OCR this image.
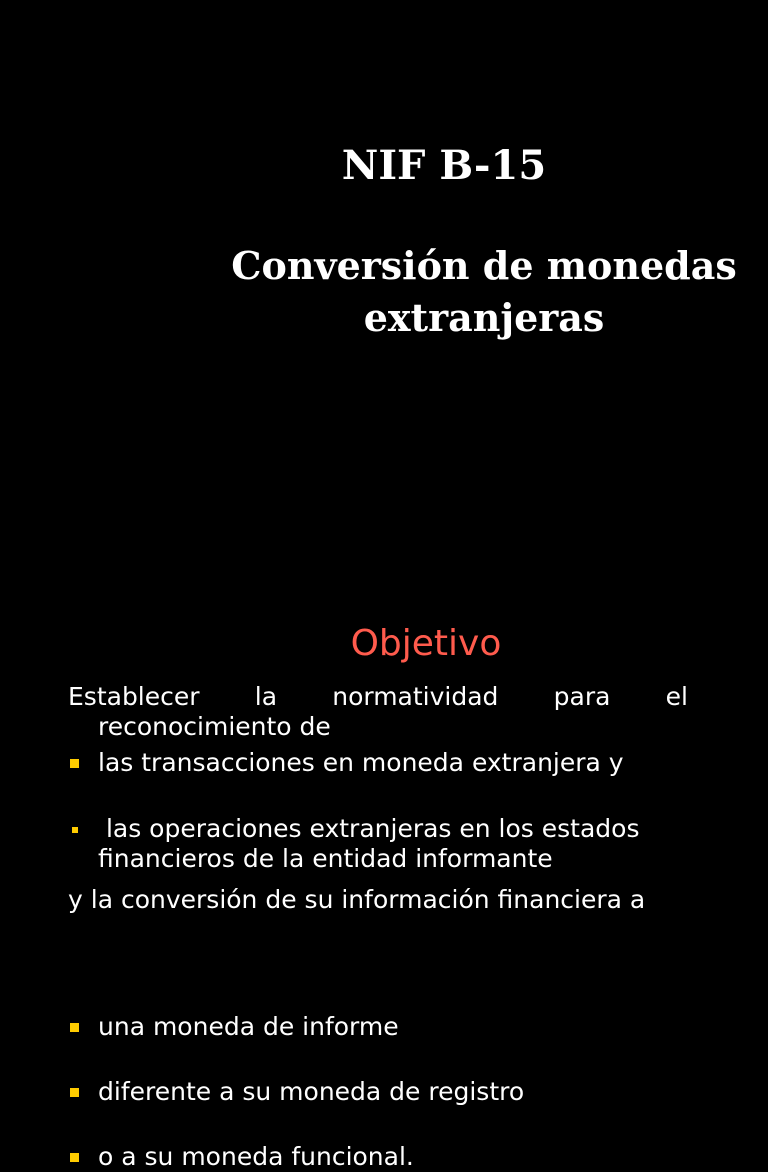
NIF B-15
Conversión de monedas
extranjeras
Objetivo
Establecer la normatividad para el
reconocimiento de
las transacciones en moneda extranjera y
las operaciones extranjeras en los estados
financieros de la entidad informante
y la conversión de su información financiera a
una moneda de informe
diferente a su moneda de registro
o a su moneda funcional.
